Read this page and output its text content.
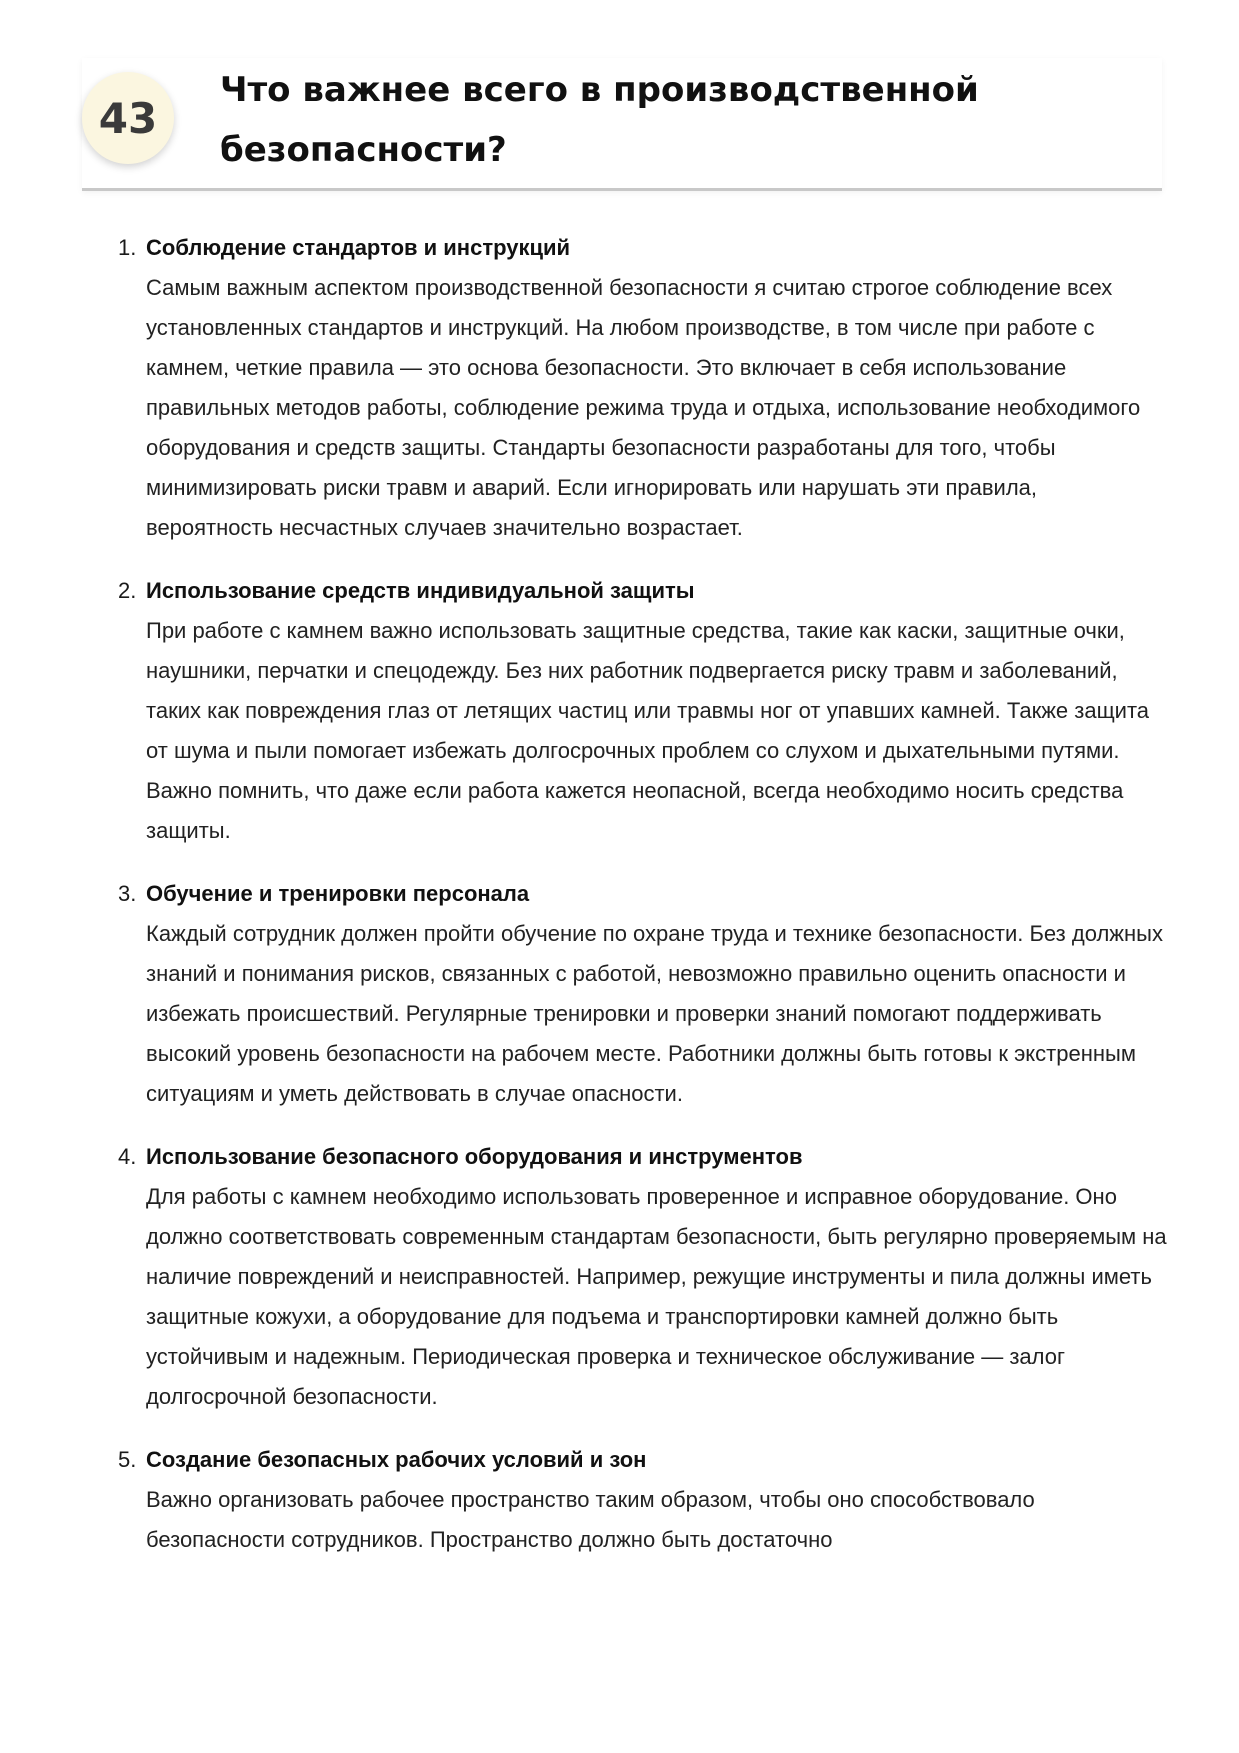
43
Что важнее всего в производственной безопасности?
1. Соблюдение стандартов и инструкций
Самым важным аспектом производственной безопасности я считаю строгое соблюдение всех установленных стандартов и инструкций. На любом производстве, в том числе при работе с камнем, четкие правила — это основа безопасности. Это включает в себя использование правильных методов работы, соблюдение режима труда и отдыха, использование необходимого оборудования и средств защиты. Стандарты безопасности разработаны для того, чтобы минимизировать риски травм и аварий. Если игнорировать или нарушать эти правила, вероятность несчастных случаев значительно возрастает.
2. Использование средств индивидуальной защиты
При работе с камнем важно использовать защитные средства, такие как каски, защитные очки, наушники, перчатки и спецодежду. Без них работник подвергается риску травм и заболеваний, таких как повреждения глаз от летящих частиц или травмы ног от упавших камней. Также защита от шума и пыли помогает избежать долгосрочных проблем со слухом и дыхательными путями. Важно помнить, что даже если работа кажется неопасной, всегда необходимо носить средства защиты.
3. Обучение и тренировки персонала
Каждый сотрудник должен пройти обучение по охране труда и технике безопасности. Без должных знаний и понимания рисков, связанных с работой, невозможно правильно оценить опасности и избежать происшествий. Регулярные тренировки и проверки знаний помогают поддерживать высокий уровень безопасности на рабочем месте. Работники должны быть готовы к экстренным ситуациям и уметь действовать в случае опасности.
4. Использование безопасного оборудования и инструментов
Для работы с камнем необходимо использовать проверенное и исправное оборудование. Оно должно соответствовать современным стандартам безопасности, быть регулярно проверяемым на наличие повреждений и неисправностей. Например, режущие инструменты и пила должны иметь защитные кожухи, а оборудование для подъема и транспортировки камней должно быть устойчивым и надежным. Периодическая проверка и техническое обслуживание — залог долгосрочной безопасности.
5. Создание безопасных рабочих условий и зон
Важно организовать рабочее пространство таким образом, чтобы оно способствовало безопасности сотрудников. Пространство должно быть достаточно
